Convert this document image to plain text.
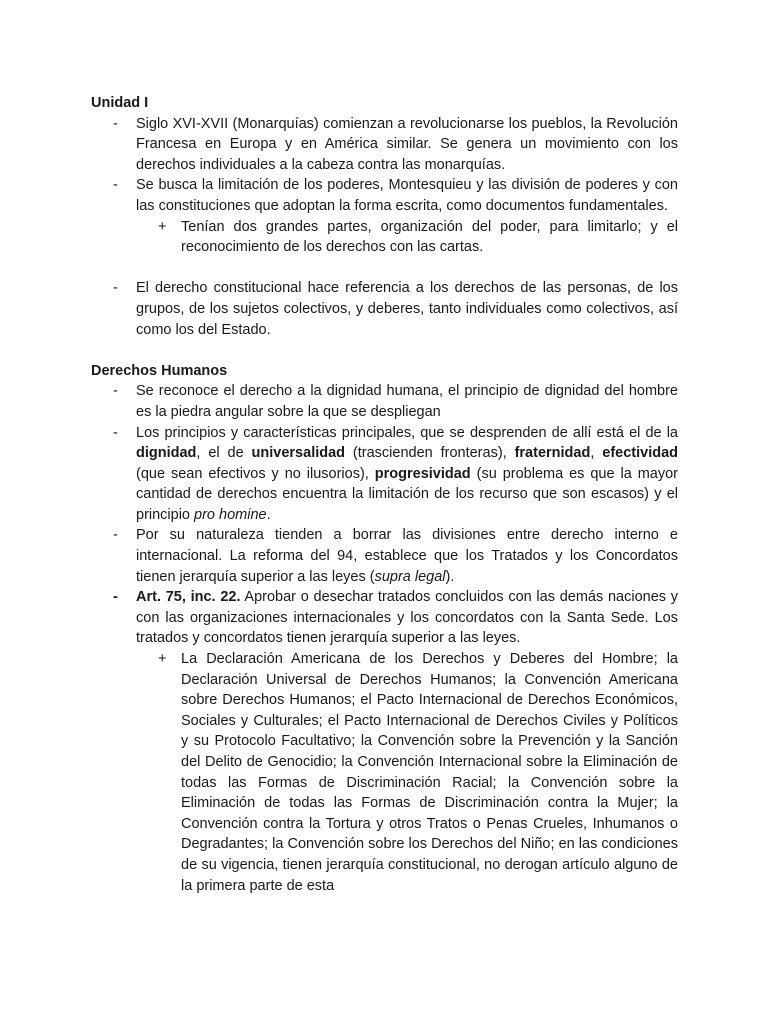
Unidad I

- Siglo XVI-XVII (Monarquías) comienzan a revolucionarse los pueblos, la Revolución Francesa en Europa y en América similar. Se genera un movimiento con los derechos individuales a la cabeza contra las monarquías.
- Se busca la limitación de los poderes, Montesquieu y las división de poderes y con las constituciones que adoptan la forma escrita, como documentos fundamentales.
+ Tenían dos grandes partes, organización del poder, para limitarlo; y el reconocimiento de los derechos con las cartas.
- El derecho constitucional hace referencia a los derechos de las personas, de los grupos, de los sujetos colectivos, y deberes, tanto individuales como colectivos, así como los del Estado.

Derechos Humanos

- Se reconoce el derecho a la dignidad humana, el principio de dignidad del hombre es la piedra angular sobre la que se despliegan
- Los principios y características principales, que se desprenden de allí está el de la dignidad, el de universalidad (trascienden fronteras), fraternidad, efectividad (que sean efectivos y no ilusorios), progresividad (su problema es que la mayor cantidad de derechos encuentra la limitación de los recurso que son escasos) y el principio pro homine.
- Por su naturaleza tienden a borrar las divisiones entre derecho interno e internacional. La reforma del 94, establece que los Tratados y los Concordatos tienen jerarquía superior a las leyes (supra legal).
- Art. 75, inc. 22. Aprobar o desechar tratados concluidos con las demás naciones y con las organizaciones internacionales y los concordatos con la Santa Sede. Los tratados y concordatos tienen jerarquía superior a las leyes.
+ La Declaración Americana de los Derechos y Deberes del Hombre; la Declaración Universal de Derechos Humanos; la Convención Americana sobre Derechos Humanos; el Pacto Internacional de Derechos Económicos, Sociales y Culturales; el Pacto Internacional de Derechos Civiles y Políticos y su Protocolo Facultativo; la Convención sobre la Prevención y la Sanción del Delito de Genocidio; la Convención Internacional sobre la Eliminación de todas las Formas de Discriminación Racial; la Convención sobre la Eliminación de todas las Formas de Discriminación contra la Mujer; la Convención contra la Tortura y otros Tratos o Penas Crueles, Inhumanos o Degradantes; la Convención sobre los Derechos del Niño; en las condiciones de su vigencia, tienen jerarquía constitucional, no derogan artículo alguno de la primera parte de esta
